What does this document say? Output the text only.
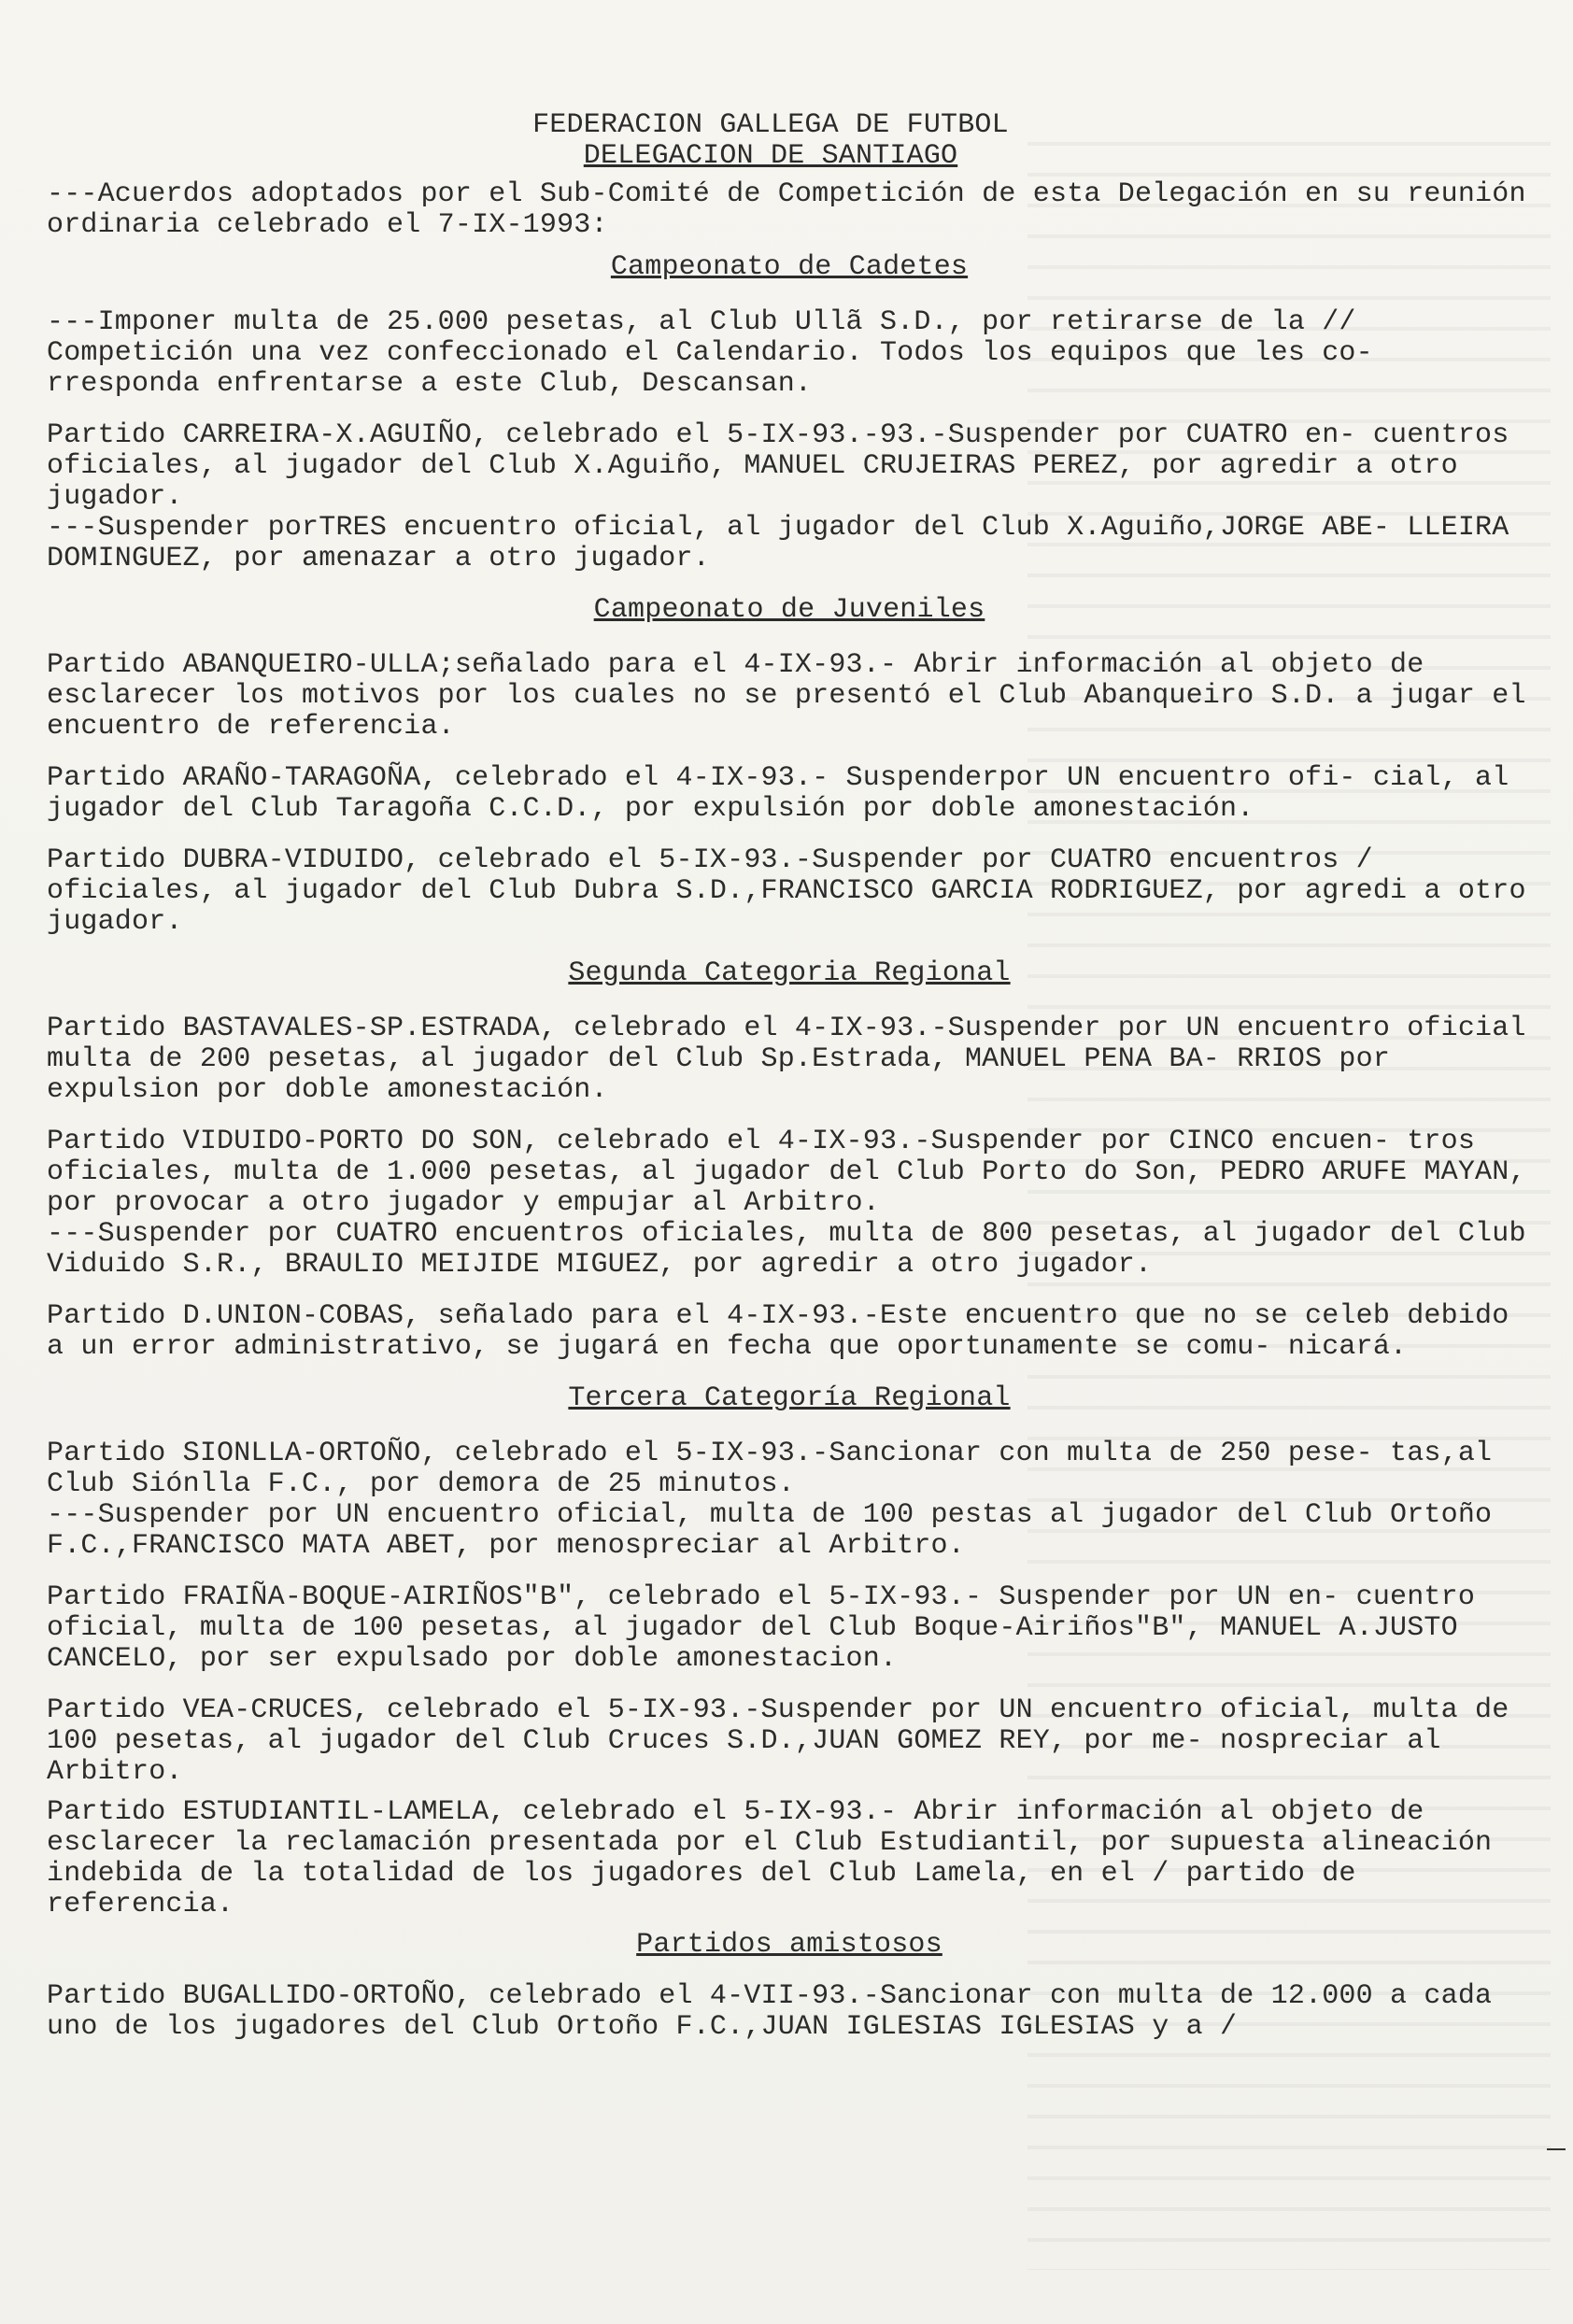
FEDERACION GALLEGA DE FUTBOL
DELEGACION DE SANTIAGO

---Acuerdos adoptados por el Sub-Comité de Competición de esta Delegación en su reunión ordinaria celebrado el 7-IX-1993:

Campeonato de Cadetes

---Imponer multa de 25.000 pesetas, al Club Ullã S.D., por retirarse de la // Competición una vez confeccionado el Calendario. Todos los equipos que les co- rresponda enfrentarse a este Club, Descansan.

Partido CARREIRA-X.AGUIÑO, celebrado el 5-IX-93.-93.-Suspender por CUATRO en- cuentros oficiales, al jugador del Club X.Aguiño, MANUEL CRUJEIRAS PEREZ, por agredir a otro jugador.

---Suspender porTRES encuentro oficial, al jugador del Club X.Aguiño,JORGE ABE- LLEIRA DOMINGUEZ, por amenazar a otro jugador.

Campeonato de Juveniles

Partido ABANQUEIRO-ULLA;señalado para el 4-IX-93.- Abrir información al objeto de esclarecer los motivos por los cuales no se presentó el Club Abanqueiro S.D. a jugar el encuentro de referencia.

Partido ARAÑO-TARAGOÑA, celebrado el 4-IX-93.- Suspenderpor UN encuentro ofi- cial, al jugador del Club Taragoña C.C.D., por expulsión por doble amonestación.

Partido DUBRA-VIDUIDO, celebrado el 5-IX-93.-Suspender por CUATRO encuentros / oficiales, al jugador del Club Dubra S.D.,FRANCISCO GARCIA RODRIGUEZ, por agredi a otro jugador.

Segunda Categoria Regional

Partido BASTAVALES-SP.ESTRADA, celebrado el 4-IX-93.-Suspender por UN encuentro oficial multa de 200 pesetas, al jugador del Club Sp.Estrada, MANUEL PENA BA- RRIOS por expulsion por doble amonestación.

Partido VIDUIDO-PORTO DO SON, celebrado el 4-IX-93.-Suspender por CINCO encuen- tros oficiales, multa de 1.000 pesetas, al jugador del Club Porto do Son, PEDRO ARUFE MAYAN, por provocar a otro jugador y empujar al Arbitro.

---Suspender por CUATRO encuentros oficiales, multa de 800 pesetas, al jugador del Club Viduido S.R., BRAULIO MEIJIDE MIGUEZ, por agredir a otro jugador.

Partido D.UNION-COBAS, señalado para el 4-IX-93.-Este encuentro que no se celeb debido a un error administrativo, se jugará en fecha que oportunamente se comu- nicará.

Tercera Categoría Regional

Partido SIONLLA-ORTOÑO, celebrado el 5-IX-93.-Sancionar con multa de 250 pese- tas,al Club Siónlla F.C., por demora de 25 minutos.

---Suspender por UN encuentro oficial, multa de 100 pestas al jugador del Club Ortoño F.C.,FRANCISCO MATA ABET, por menospreciar al Arbitro.

Partido FRAIÑA-BOQUE-AIRIÑOS"B", celebrado el 5-IX-93.- Suspender por UN en- cuentro oficial, multa de 100 pesetas, al jugador del Club Boque-Airiños"B", MANUEL A.JUSTO CANCELO, por ser expulsado por doble amonestacion.

Partido VEA-CRUCES, celebrado el 5-IX-93.-Suspender por UN encuentro oficial, multa de 100 pesetas, al jugador del Club Cruces S.D.,JUAN GOMEZ REY, por me- nospreciar al Arbitro.

Partido ESTUDIANTIL-LAMELA, celebrado el 5-IX-93.- Abrir información al objeto de esclarecer la reclamación presentada por el Club Estudiantil, por supuesta alineación indebida de la totalidad de los jugadores del Club Lamela, en el / partido de referencia.

Partidos amistosos

Partido BUGALLIDO-ORTOÑO, celebrado el 4-VII-93.-Sancionar con multa de 12.000 a cada uno de los jugadores del Club Ortoño F.C.,JUAN IGLESIAS IGLESIAS y a /
